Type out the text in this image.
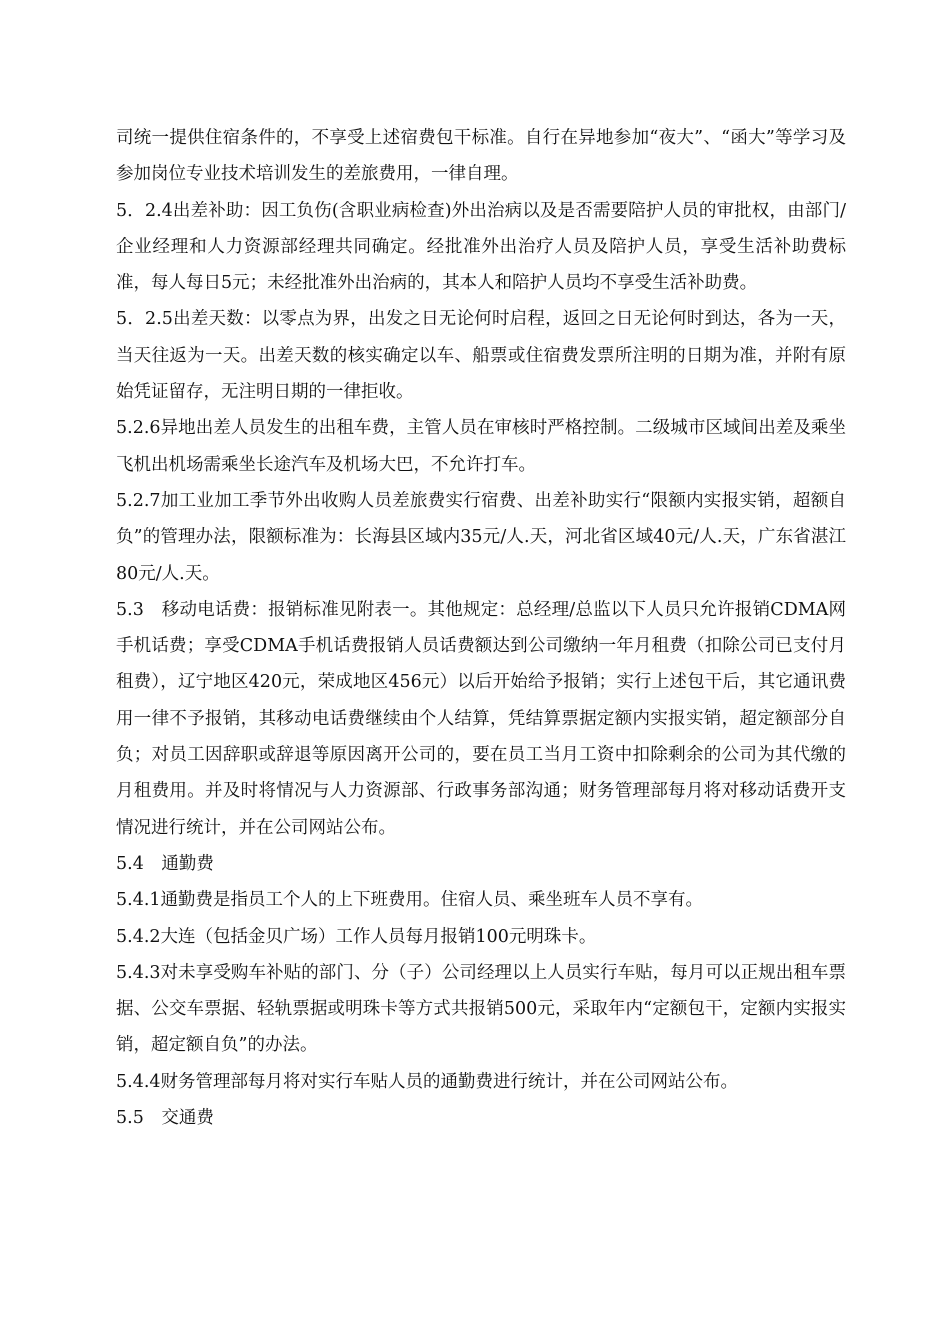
司统一提供住宿条件的，不享受上述宿费包干标准。自行在异地参加“夜大”、“函大”等学习及参加岗位专业技术培训发生的差旅费用，一律自理。

5．2.4出差补助：因工负伤(含职业病检查)外出治病以及是否需要陪护人员的审批权，由部门/企业经理和人力资源部经理共同确定。经批准外出治疗人员及陪护人员，享受生活补助费标准，每人每日5元；未经批准外出治病的，其本人和陪护人员均不享受生活补助费。

5．2.5出差天数：以零点为界，出发之日无论何时启程，返回之日无论何时到达，各为一天，当天往返为一天。出差天数的核实确定以车、船票或住宿费发票所注明的日期为准，并附有原始凭证留存，无注明日期的一律拒收。

5.2.6异地出差人员发生的出租车费，主管人员在审核时严格控制。二级城市区域间出差及乘坐飞机出机场需乘坐长途汽车及机场大巴，不允许打车。

5.2.7加工业加工季节外出收购人员差旅费实行宿费、出差补助实行“限额内实报实销，超额自负”的管理办法，限额标准为：长海县区域内35元/人.天，河北省区域40元/人.天，广东省湛江80元/人.天。

5.3　移动电话费：报销标准见附表一。其他规定：总经理/总监以下人员只允许报销CDMA网手机话费；享受CDMA手机话费报销人员话费额达到公司缴纳一年月租费（扣除公司已支付月租费），辽宁地区420元，荣成地区456元）以后开始给予报销；实行上述包干后，其它通讯费用一律不予报销，其移动电话费继续由个人结算，凭结算票据定额内实报实销，超定额部分自负；对员工因辞职或辞退等原因离开公司的，要在员工当月工资中扣除剩余的公司为其代缴的月租费用。并及时将情况与人力资源部、行政事务部沟通；财务管理部每月将对移动话费开支情况进行统计，并在公司网站公布。

5.4　通勤费

5.4.1通勤费是指员工个人的上下班费用。住宿人员、乘坐班车人员不享有。

5.4.2大连（包括金贝广场）工作人员每月报销100元明珠卡。

5.4.3对未享受购车补贴的部门、分（子）公司经理以上人员实行车贴，每月可以正规出租车票据、公交车票据、轻轨票据或明珠卡等方式共报销500元，采取年内“定额包干，定额内实报实销，超定额自负”的办法。

5.4.4财务管理部每月将对实行车贴人员的通勤费进行统计，并在公司网站公布。

5.5　交通费
